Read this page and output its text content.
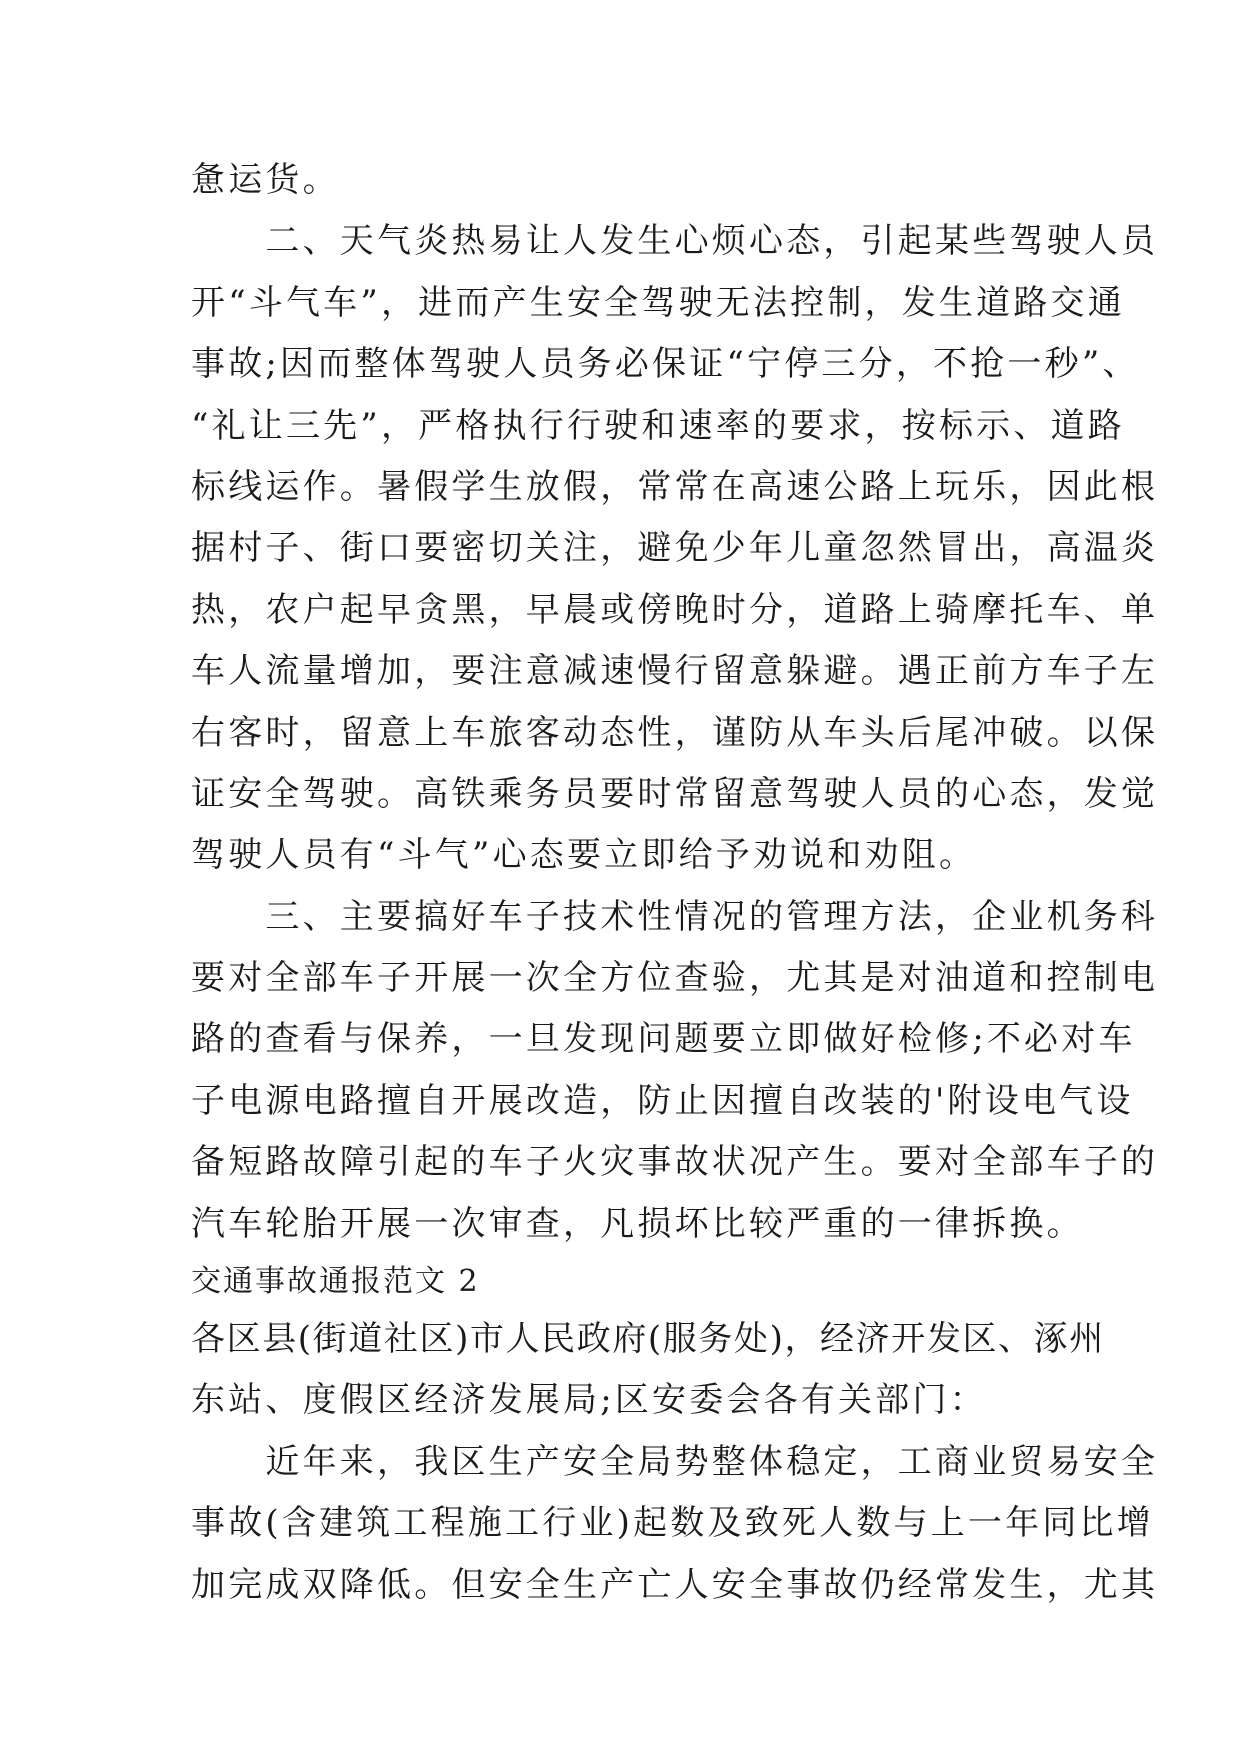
惫运货。
　　二、天气炎热易让人发生心烦心态，引起某些驾驶人员
开“斗气车”，进而产生安全驾驶无法控制，发生道路交通
事故;因而整体驾驶人员务必保证“宁停三分，不抢一秒”、
“礼让三先”，严格执行行驶和速率的要求，按标示、道路
标线运作。暑假学生放假，常常在高速公路上玩乐，因此根
据村子、街口要密切关注，避免少年儿童忽然冒出，高温炎
热，农户起早贪黑，早晨或傍晚时分，道路上骑摩托车、单
车人流量增加，要注意减速慢行留意躲避。遇正前方车子左
右客时，留意上车旅客动态性，谨防从车头后尾冲破。以保
证安全驾驶。高铁乘务员要时常留意驾驶人员的心态，发觉
驾驶人员有“斗气”心态要立即给予劝说和劝阻。
　　三、主要搞好车子技术性情况的管理方法，企业机务科
要对全部车子开展一次全方位查验，尤其是对油道和控制电
路的查看与保养，一旦发现问题要立即做好检修;不必对车
子电源电路擅自开展改造，防止因擅自改装的'附设电气设
备短路故障引起的车子火灾事故状况产生。要对全部车子的
汽车轮胎开展一次审查，凡损坏比较严重的一律拆换。
交通事故通报范文 2
各区县(街道社区)市人民政府(服务处)，经济开发区、涿州
东站、度假区经济发展局;区安委会各有关部门：
　　近年来，我区生产安全局势整体稳定，工商业贸易安全
事故(含建筑工程施工行业)起数及致死人数与上一年同比增
加完成双降低。但安全生产亡人安全事故仍经常发生，尤其
